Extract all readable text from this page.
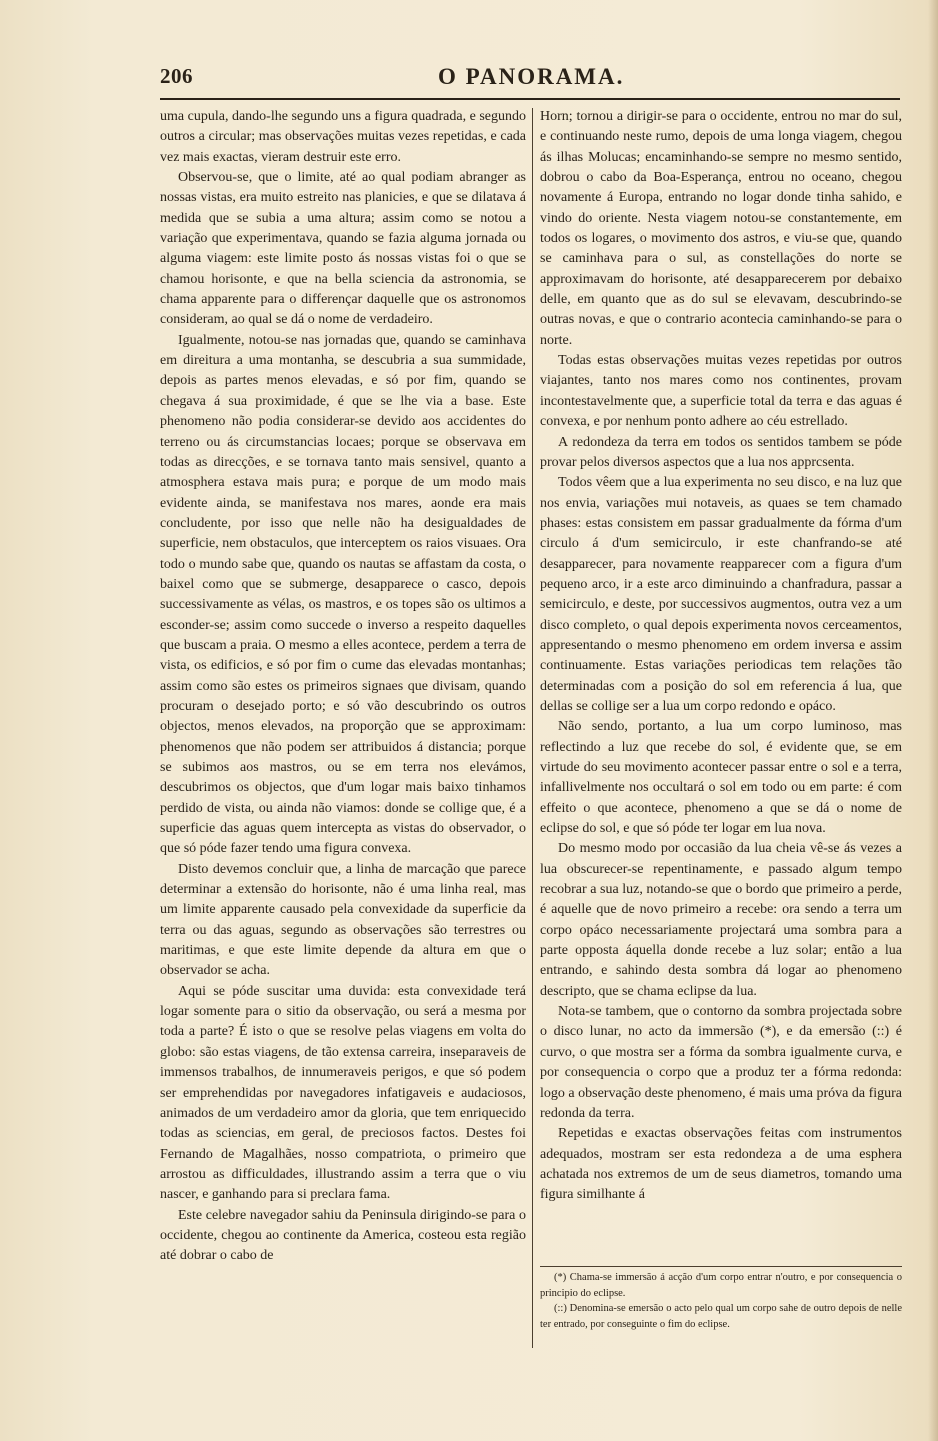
206	O PANORAMA.

uma cupula, dando-lhe segundo uns a figura quadrada, e segundo outros a circular; mas observações muitas vezes repetidas, e cada vez mais exactas, vieram destruir este erro.

Observou-se, que o limite, até ao qual podiam abranger as nossas vistas, era muito estreito nas planicies, e que se dilatava á medida que se subia a uma altura; assim como se notou a variação que experimentava, quando se fazia alguma jornada ou alguma viagem: este limite posto ás nossas vistas foi o que se chamou horisonte, e que na bella sciencia da astronomia, se chama apparente para o differençar daquelle que os astronomos consideram, ao qual se dá o nome de verdadeiro.

Igualmente, notou-se nas jornadas que, quando se caminhava em direitura a uma montanha, se descubria a sua summidade, depois as partes menos elevadas, e só por fim, quando se chegava á sua proximidade, é que se lhe via a base. Este phenomeno não podia considerar-se devido aos accidentes do terreno ou ás circumstancias locaes; porque se observava em todas as direcções, e se tornava tanto mais sensivel, quanto a atmosphera estava mais pura; e porque de um modo mais evidente ainda, se manifestava nos mares, aonde era mais concludente, por isso que nelle não ha desigualdades de superficie, nem obstaculos, que interceptem os raios visuaes. Ora todo o mundo sabe que, quando os nautas se affastam da costa, o baixel como que se submerge, desapparece o casco, depois successivamente as vélas, os mastros, e os topes são os ultimos a esconder-se; assim como succede o inverso a respeito daquelles que buscam a praia. O mesmo a elles acontece, perdem a terra de vista, os edificios, e só por fim o cume das elevadas montanhas; assim como são estes os primeiros signaes que divisam, quando procuram o desejado porto; e só vão descubrindo os outros objectos, menos elevados, na proporção que se approximam: phenomenos que não podem ser attribuidos á distancia; porque se subimos aos mastros, ou se em terra nos elevámos, descubrimos os objectos, que d'um logar mais baixo tinhamos perdido de vista, ou ainda não viamos: donde se collige que, é a superficie das aguas quem intercepta as vistas do observador, o que só póde fazer tendo uma figura convexa.

Disto devemos concluir que, a linha de marcação que parece determinar a extensão do horisonte, não é uma linha real, mas um limite apparente causado pela convexidade da superficie da terra ou das aguas, segundo as observações são terrestres ou maritimas, e que este limite depende da altura em que o observador se acha.

Aqui se póde suscitar uma duvida: esta convexidade terá logar somente para o sitio da observação, ou será a mesma por toda a parte? É isto o que se resolve pelas viagens em volta do globo: são estas viagens, de tão extensa carreira, inseparaveis de immensos trabalhos, de innumeraveis perigos, e que só podem ser emprehendidas por navegadores infatigaveis e audaciosos, animados de um verdadeiro amor da gloria, que tem enriquecido todas as sciencias, em geral, de preciosos factos. Destes foi Fernando de Magalhães, nosso compatriota, o primeiro que arrostou as difficuldades, illustrando assim a terra que o viu nascer, e ganhando para si preclara fama.

Este celebre navegador sahiu da Peninsula dirigindo-se para o occidente, chegou ao continente da America, costeou esta região até dobrar o cabo de

Horn; tornou a dirigir-se para o occidente, entrou no mar do sul, e continuando neste rumo, depois de uma longa viagem, chegou ás ilhas Molucas; encaminhando-se sempre no mesmo sentido, dobrou o cabo da Boa-Esperança, entrou no oceano, chegou novamente á Europa, entrando no logar donde tinha sahido, e vindo do oriente. Nesta viagem notou-se constantemente, em todos os logares, o movimento dos astros, e viu-se que, quando se caminhava para o sul, as constellações do norte se approximavam do horisonte, até desapparecerem por debaixo delle, em quanto que as do sul se elevavam, descubrindo-se outras novas, e que o contrario acontecia caminhando-se para o norte.

Todas estas observações muitas vezes repetidas por outros viajantes, tanto nos mares como nos continentes, provam incontestavelmente que, a superficie total da terra e das aguas é convexa, e por nenhum ponto adhere ao céu estrellado.

A redondeza da terra em todos os sentidos tambem se póde provar pelos diversos aspectos que a lua nos apprcsenta.

Todos vêem que a lua experimenta no seu disco, e na luz que nos envia, variações mui notaveis, as quaes se tem chamado phases: estas consistem em passar gradualmente da fórma d'um circulo á d'um semicirculo, ir este chanfrando-se até desapparecer, para novamente reapparecer com a figura d'um pequeno arco, ir a este arco diminuindo a chanfradura, passar a semicirculo, e deste, por successivos augmentos, outra vez a um disco completo, o qual depois experimenta novos cerceamentos, appresentando o mesmo phenomeno em ordem inversa e assim continuamente. Estas variações periodicas tem relações tão determinadas com a posição do sol em referencia á lua, que dellas se collige ser a lua um corpo redondo e opáco.

Não sendo, portanto, a lua um corpo luminoso, mas reflectindo a luz que recebe do sol, é evidente que, se em virtude do seu movimento acontecer passar entre o sol e a terra, infallivelmente nos occultará o sol em todo ou em parte: é com effeito o que acontece, phenomeno a que se dá o nome de eclipse do sol, e que só póde ter logar em lua nova.

Do mesmo modo por occasião da lua cheia vê-se ás vezes a lua obscurecer-se repentinamente, e passado algum tempo recobrar a sua luz, notando-se que o bordo que primeiro a perde, é aquelle que de novo primeiro a recebe: ora sendo a terra um corpo opáco necessariamente projectará uma sombra para a parte opposta áquella donde recebe a luz solar; então a lua entrando, e sahindo desta sombra dá logar ao phenomeno descripto, que se chama eclipse da lua.

Nota-se tambem, que o contorno da sombra projectada sobre o disco lunar, no acto da immersão (*), e da emersão (::) é curvo, o que mostra ser a fórma da sombra igualmente curva, e por consequencia o corpo que a produz ter a fórma redonda: logo a observação deste phenomeno, é mais uma próva da figura redonda da terra.

Repetidas e exactas observações feitas com instrumentos adequados, mostram ser esta redondeza a de uma esphera achatada nos extremos de um de seus diametros, tomando uma figura similhante á

(*) Chama-se immersão á acção d'um corpo entrar n'outro, e por consequencia o principio do eclipse.

(::) Denomina-se emersão o acto pelo qual um corpo sahe de outro depois de nelle ter entrado, por conseguinte o fim do eclipse.
